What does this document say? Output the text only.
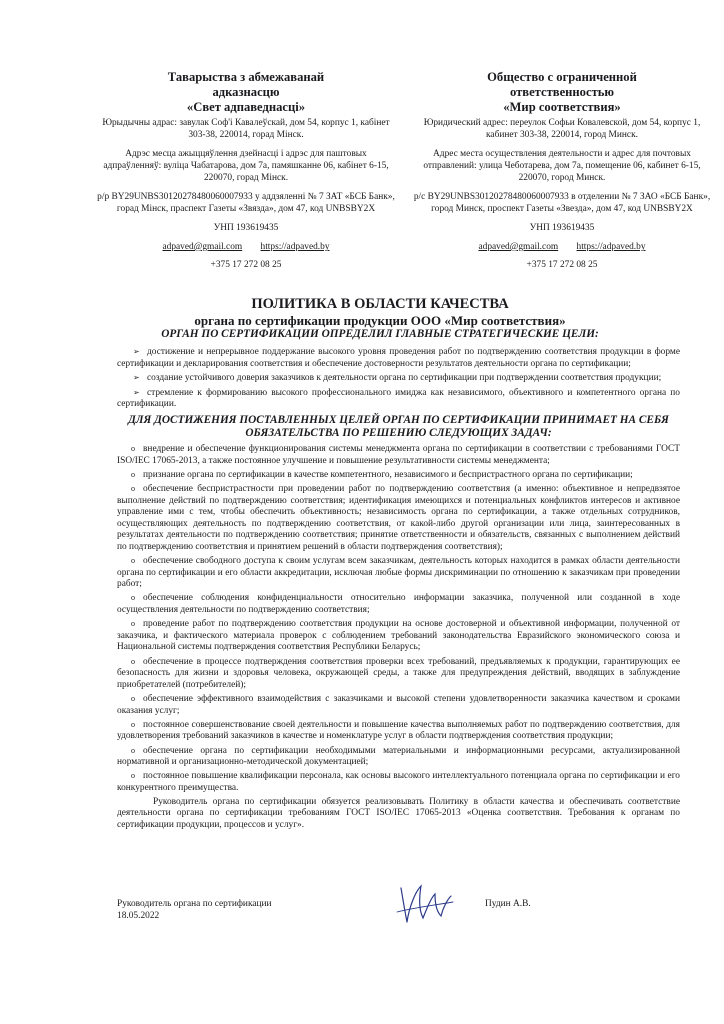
Таварыства з абмежаванай
адказнасцю
«Свет адпаведнасці»

Юрыдычны адрас: завулак Соф'і Кавалеўскай, дом 54, корпус 1, кабінет 303-38, 220014, горад Мінск.

Адрэс месца ажыццяўлення дзейнасці і адрэс для паштовых адпраўленняў: вуліца Чабатарова, дом 7а, памяшканне 06, кабінет 6-15, 220070, горад Мінск.

р/р BY29UNBS30120278480060007933 у аддзяленні № 7 ЗАТ «БСБ Банк», горад Мінск, праспект Газеты «Звязда», дом 47, код UNBSBY2X

УНП 193619435

adpaved@gmail.com https://adpaved.by
+375 17 272 08 25
Общество с ограниченной
ответственностью
«Мир соответствия»

Юридический адрес: переулок Софьи Ковалевской, дом 54, корпус 1, кабинет 303-38, 220014, город Минск.

Адрес места осуществления деятельности и адрес для почтовых отправлений: улица Чеботарева, дом 7а, помещение 06, кабинет 6-15, 220070, город Минск.

р/с BY29UNBS30120278480060007933 в отделении № 7 ЗАО «БСБ Банк», город Минск, проспект Газеты «Звезда», дом 47, код UNBSBY2X

УНП 193619435

adpaved@gmail.com https://adpaved.by
+375 17 272 08 25
ПОЛИТИКА В ОБЛАСТИ КАЧЕСТВА
органа по сертификации продукции ООО «Мир соответствия»
ОРГАН ПО СЕРТИФИКАЦИИ ОПРЕДЕЛИЛ ГЛАВНЫЕ СТРАТЕГИЧЕСКИЕ ЦЕЛИ:
➢ достижение и непрерывное поддержание высокого уровня проведения работ по подтверждению соответствия продукции в форме сертификации и декларирования соответствия и обеспечение достоверности результатов деятельности органа по сертификации;
➢ создание устойчивого доверия заказчиков к деятельности органа по сертификации при подтверждении соответствия продукции;
➢ стремление к формированию высокого профессионального имиджа как независимого, объективного и компетентного органа по сертификации.
ДЛЯ ДОСТИЖЕНИЯ ПОСТАВЛЕННЫХ ЦЕЛЕЙ ОРГАН ПО СЕРТИФИКАЦИИ ПРИНИМАЕТ НА СЕБЯ ОБЯЗАТЕЛЬСТВА ПО РЕШЕНИЮ СЛЕДУЮЩИХ ЗАДАЧ:
o внедрение и обеспечение функционирования системы менеджмента органа по сертификации в соответствии с требованиями ГОСТ ISO/IEC 17065-2013, а также постоянное улучшение и повышение результативности системы менеджмента;
o признание органа по сертификации в качестве компетентного, независимого и беспристрастного органа по сертификации;
o обеспечение беспристрастности при проведении работ по подтверждению соответствия (а именно: объективное и непредвзятое выполнение действий по подтверждению соответствия; идентификация имеющихся и потенциальных конфликтов интересов и активное управление ими с тем, чтобы обеспечить объективность; независимость органа по сертификации, а также отдельных сотрудников, осуществляющих деятельность по подтверждению соответствия, от какой-либо другой организации или лица, заинтересованных в результатах деятельности по подтверждению соответствия; принятие ответственности и обязательств, связанных с выполнением действий по подтверждению соответствия и принятием решений в области подтверждения соответствия);
o обеспечение свободного доступа к своим услугам всем заказчикам, деятельность которых находится в рамках области деятельности органа по сертификации и его области аккредитации, исключая любые формы дискриминации по отношению к заказчикам при проведении работ;
o обеспечение соблюдения конфиденциальности относительно информации заказчика, полученной или созданной в ходе осуществления деятельности по подтверждению соответствия;
o проведение работ по подтверждению соответствия продукции на основе достоверной и объективной информации, полученной от заказчика, и фактического материала проверок с соблюдением требований законодательства Евразийского экономического союза и Национальной системы подтверждения соответствия Республики Беларусь;
o обеспечение в процессе подтверждения соответствия проверки всех требований, предъявляемых к продукции, гарантирующих ее безопасность для жизни и здоровья человека, окружающей среды, а также для предупреждения действий, вводящих в заблуждение приобретателей (потребителей);
o обеспечение эффективного взаимодействия с заказчиками и высокой степени удовлетворенности заказчика качеством и сроками оказания услуг;
o постоянное совершенствование своей деятельности и повышение качества выполняемых работ по подтверждению соответствия, для удовлетворения требований заказчиков в качестве и номенклатуре услуг в области подтверждения соответствия продукции;
o обеспечение органа по сертификации необходимыми материальными и информационными ресурсами, актуализированной нормативной и организационно-методической документацией;
o постоянное повышение квалификации персонала, как основы высокого интеллектуального потенциала органа по сертификации и его конкурентного преимущества.
Руководитель органа по сертификации обязуется реализовывать Политику в области качества и обеспечивать соответствие деятельности органа по сертификации требованиям ГОСТ ISO/IEC 17065-2013 «Оценка соответствия. Требования к органам по сертификации продукции, процессов и услуг».
Руководитель органа по сертификации
18.05.2022
Пудин А.В.
